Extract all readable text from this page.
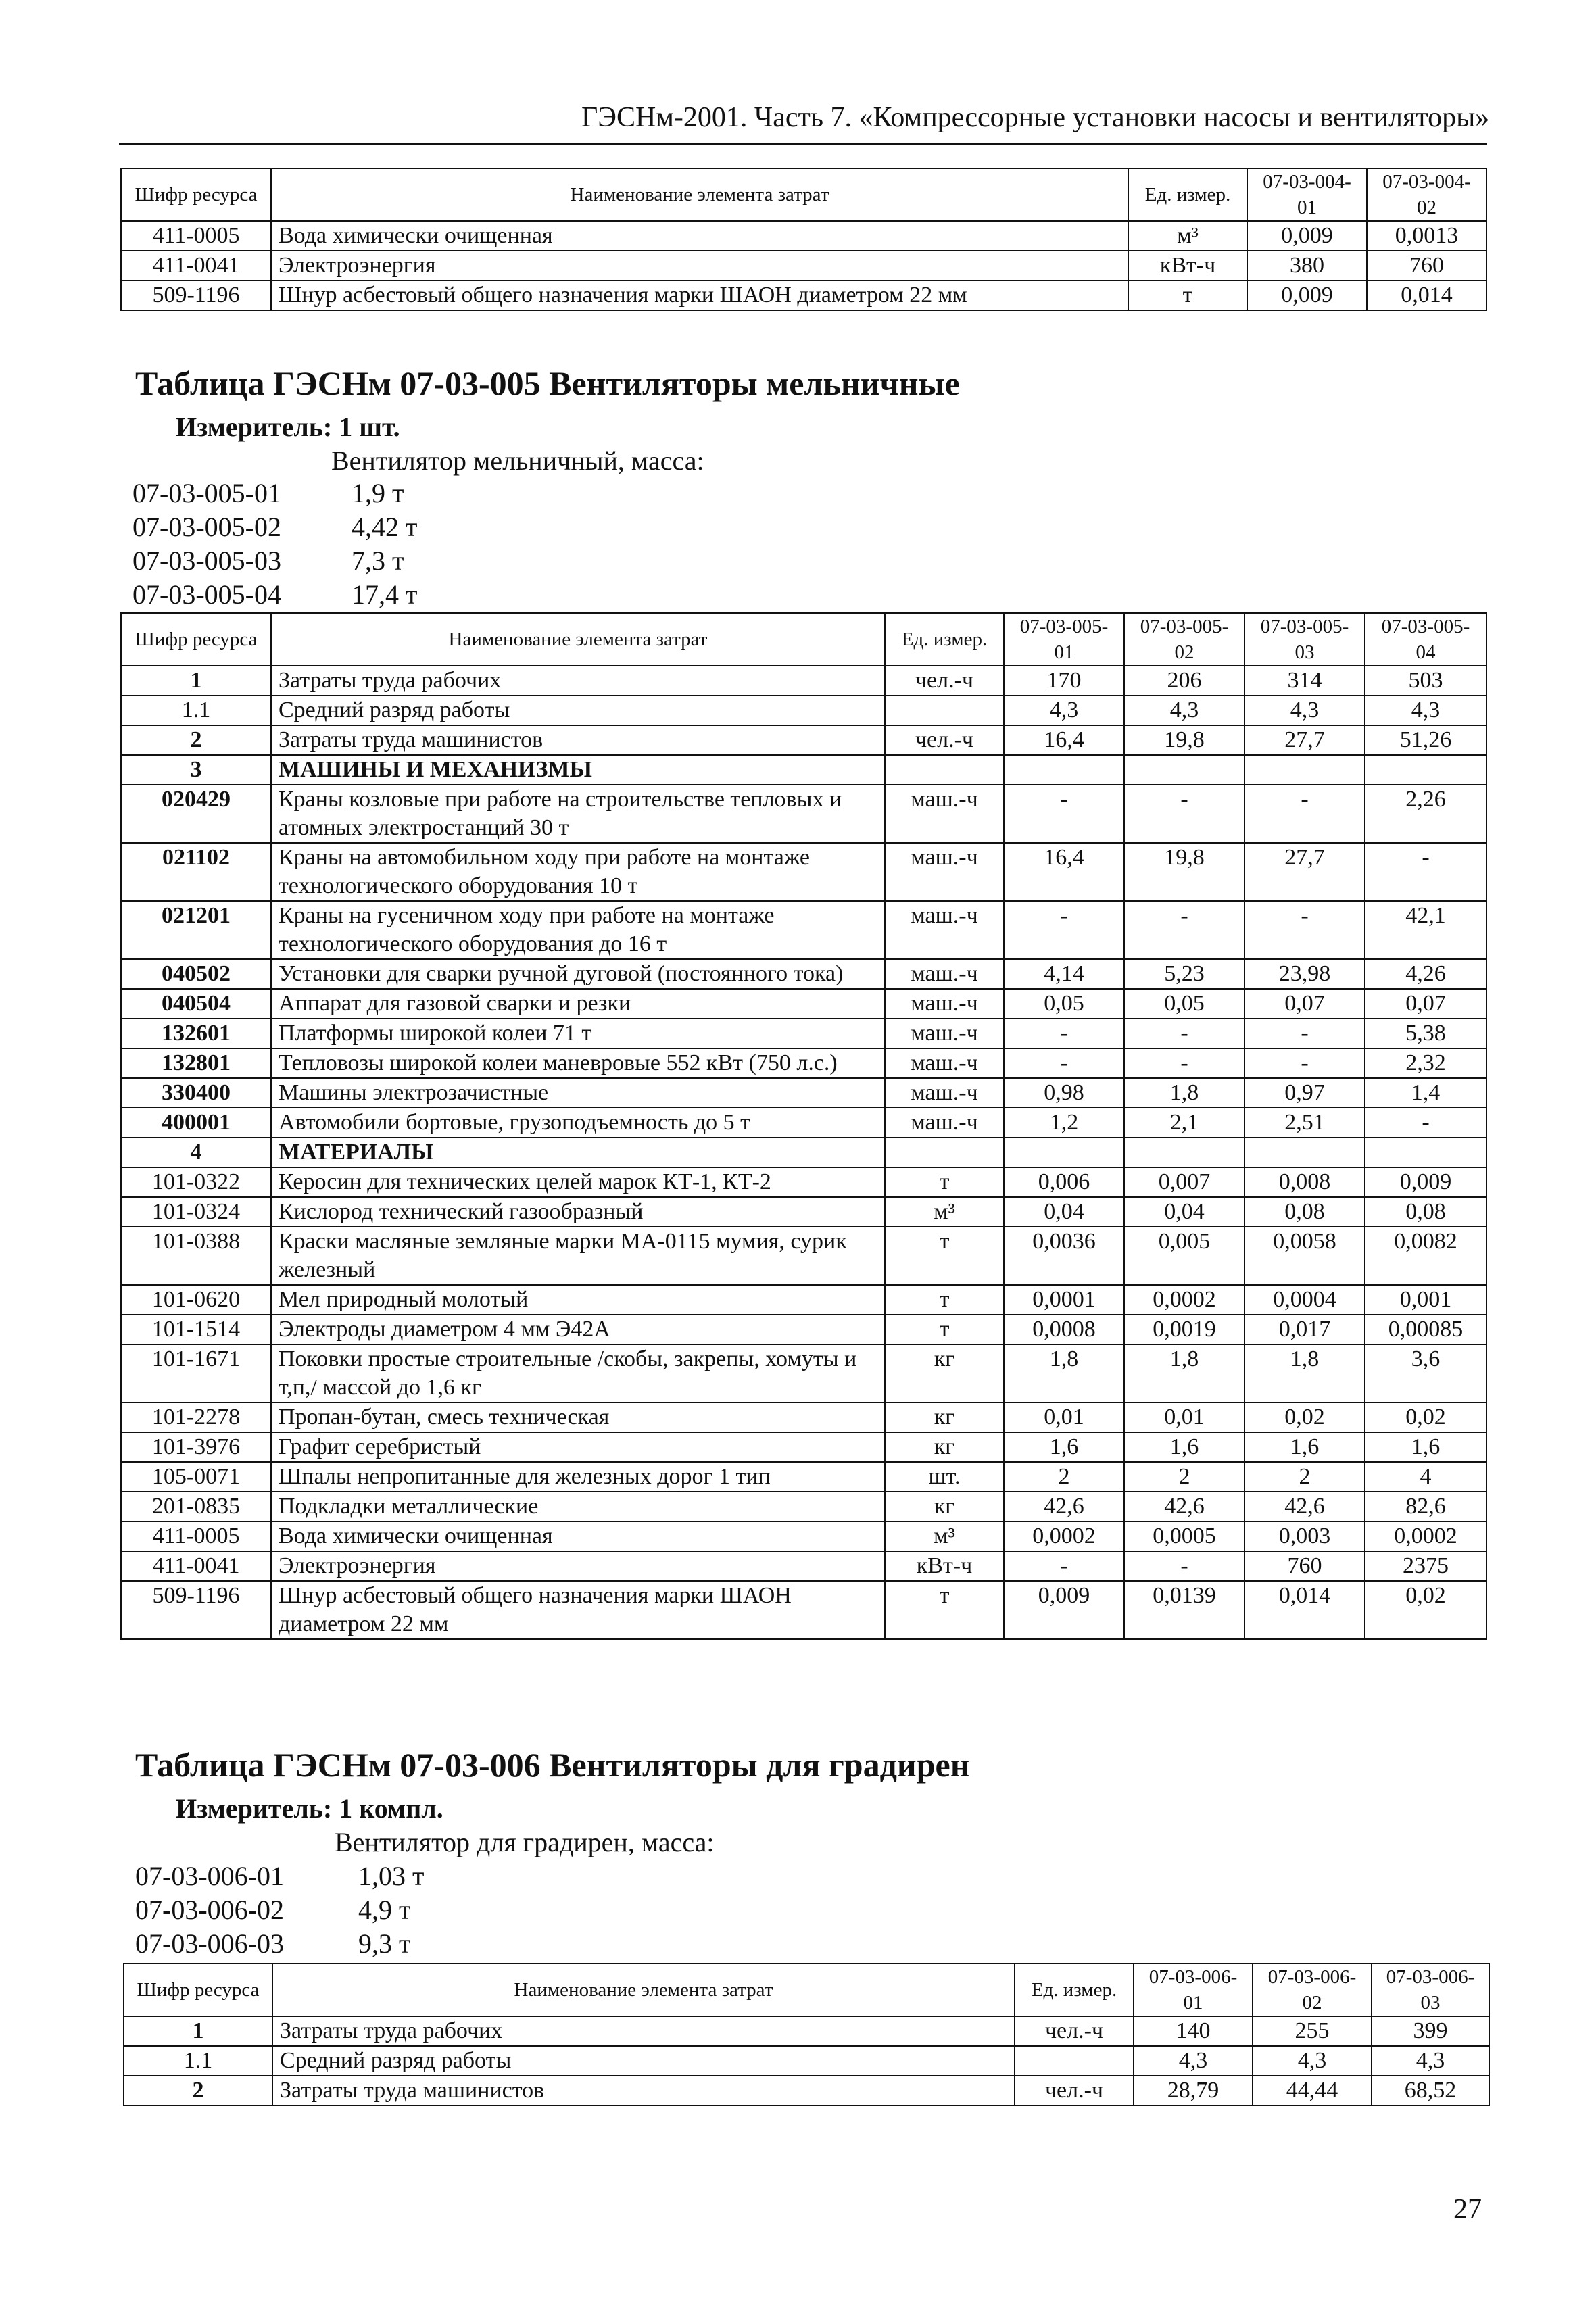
ГЭСНм-2001. Часть 7. «Компрессорные установки насосы и вентиляторы»
Шифр ресурса	Наименование элемента затрат	Ед. измер.	07-03-004-01	07-03-004-02
411-0005	Вода химически очищенная	м³	0,009	0,0013
411-0041	Электроэнергия	кВт-ч	380	760
509-1196	Шнур асбестовый общего назначения марки ШАОН диаметром 22 мм	т	0,009	0,014
Таблица ГЭСНм 07-03-005 Вентиляторы мельничные
Измеритель: 1 шт.
Вентилятор мельничный, масса:
07-03-005-01	1,9 т
07-03-005-02	4,42 т
07-03-005-03	7,3 т
07-03-005-04	17,4 т
Шифр ресурса	Наименование элемента затрат	Ед. измер.	07-03-005-01	07-03-005-02	07-03-005-03	07-03-005-04
1	Затраты труда рабочих	чел.-ч	170	206	314	503
1.1	Средний разряд работы		4,3	4,3	4,3	4,3
2	Затраты труда машинистов	чел.-ч	16,4	19,8	27,7	51,26
3	МАШИНЫ И МЕХАНИЗМЫ					
020429	Краны козловые при работе на строительстве тепловых и атомных электростанций 30 т	маш.-ч	-	-	-	2,26
021102	Краны на автомобильном ходу при работе на монтаже технологического оборудования 10 т	маш.-ч	16,4	19,8	27,7	-
021201	Краны на гусеничном ходу при работе на монтаже технологического оборудования до 16 т	маш.-ч	-	-	-	42,1
040502	Установки для сварки ручной дуговой (постоянного тока)	маш.-ч	4,14	5,23	23,98	4,26
040504	Аппарат для газовой сварки и резки	маш.-ч	0,05	0,05	0,07	0,07
132601	Платформы широкой колеи 71 т	маш.-ч	-	-	-	5,38
132801	Тепловозы широкой колеи маневровые 552 кВт (750 л.с.)	маш.-ч	-	-	-	2,32
330400	Машины электрозачистные	маш.-ч	0,98	1,8	0,97	1,4
400001	Автомобили бортовые, грузоподъемность до 5 т	маш.-ч	1,2	2,1	2,51	-
4	МАТЕРИАЛЫ					
101-0322	Керосин для технических целей марок КТ-1, КТ-2	т	0,006	0,007	0,008	0,009
101-0324	Кислород технический газообразный	м³	0,04	0,04	0,08	0,08
101-0388	Краски масляные земляные марки МА-0115 мумия, сурик железный	т	0,0036	0,005	0,0058	0,0082
101-0620	Мел природный молотый	т	0,0001	0,0002	0,0004	0,001
101-1514	Электроды диаметром 4 мм Э42А	т	0,0008	0,0019	0,017	0,00085
101-1671	Поковки простые строительные /скобы, закрепы, хомуты и т,п,/ массой до 1,6 кг	кг	1,8	1,8	1,8	3,6
101-2278	Пропан-бутан, смесь техническая	кг	0,01	0,01	0,02	0,02
101-3976	Графит серебристый	кг	1,6	1,6	1,6	1,6
105-0071	Шпалы непропитанные для железных дорог 1 тип	шт.	2	2	2	4
201-0835	Подкладки металлические	кг	42,6	42,6	42,6	82,6
411-0005	Вода химически очищенная	м³	0,0002	0,0005	0,003	0,0002
411-0041	Электроэнергия	кВт-ч	-	-	760	2375
509-1196	Шнур асбестовый общего назначения марки ШАОН диаметром 22 мм	т	0,009	0,0139	0,014	0,02
Таблица ГЭСНм 07-03-006 Вентиляторы для градирен
Измеритель: 1 компл.
Вентилятор для градирен, масса:
07-03-006-01	1,03 т
07-03-006-02	4,9 т
07-03-006-03	9,3 т
Шифр ресурса	Наименование элемента затрат	Ед. измер.	07-03-006-01	07-03-006-02	07-03-006-03
1	Затраты труда рабочих	чел.-ч	140	255	399
1.1	Средний разряд работы		4,3	4,3	4,3
2	Затраты труда машинистов	чел.-ч	28,79	44,44	68,52
27
